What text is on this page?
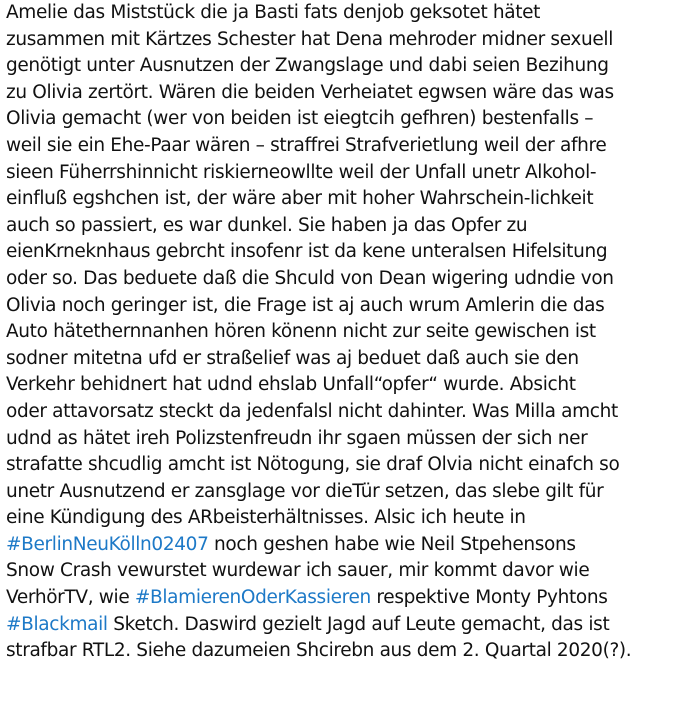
Amelie das Miststück die ja Basti fats denjob geksotet hätet
zusammen mit Kärtzes Schester hat Dena mehroder midner sexuell
genötigt unter Ausnutzen der Zwangslage und dabi seien Bezihung
zu Olivia zertört. Wären die beiden Verheiatet egwsen wäre das was
Olivia gemacht (wer von beiden ist eiegtcih gefhren) bestenfalls –
weil sie ein Ehe-Paar wären – straffrei Strafverietlung weil der afhre
sieen Füherrshinnicht riskierneowllte weil der Unfall unetr Alkohol-
einfluß egshchen ist, der wäre aber mit hoher Wahrschein-lichkeit
auch so passiert, es war dunkel. Sie haben ja das Opfer zu
eienKrneknhaus gebrcht insofenr ist da kene unteralsen Hifelsitung
oder so. Das beduete daß die Shculd von Dean wigering udndie von
Olivia noch geringer ist, die Frage ist aj auch wrum Amlerin die das
Auto hätethernnanhen hören könenn nicht zur seite gewischen ist
sodner mitetna ufd er straßelief was aj beduet daß auch sie den
Verkehr behidnert hat udnd ehslab Unfall“opfer“ wurde. Absicht
oder attavorsatz steckt da jedenfalsl nicht dahinter. Was Milla amcht
udnd as hätet ireh Polizstenfreudn ihr sgaen müssen der sich ner
strafatte shcudlig amcht ist Nötogung, sie draf Olvia nicht einafch so
unetr Ausnutzend er zansglage vor dieTür setzen, das slebe gilt für
eine Kündigung des ARbeisterhältnisses. Alsic ich heute in
#BerlinNeuKölln02407 noch geshen habe wie Neil Stpehensons
Snow Crash vewurstet wurdewar ich sauer, mir kommt davor wie
VerhörTV, wie #BlamierenOderKassieren respektive Monty Pyhtons
#Blackmail Sketch. Daswird gezielt Jagd auf Leute gemacht, das ist
strafbar RTL2. Siehe dazumeien Shcirebn aus dem 2. Quartal 2020(?).
